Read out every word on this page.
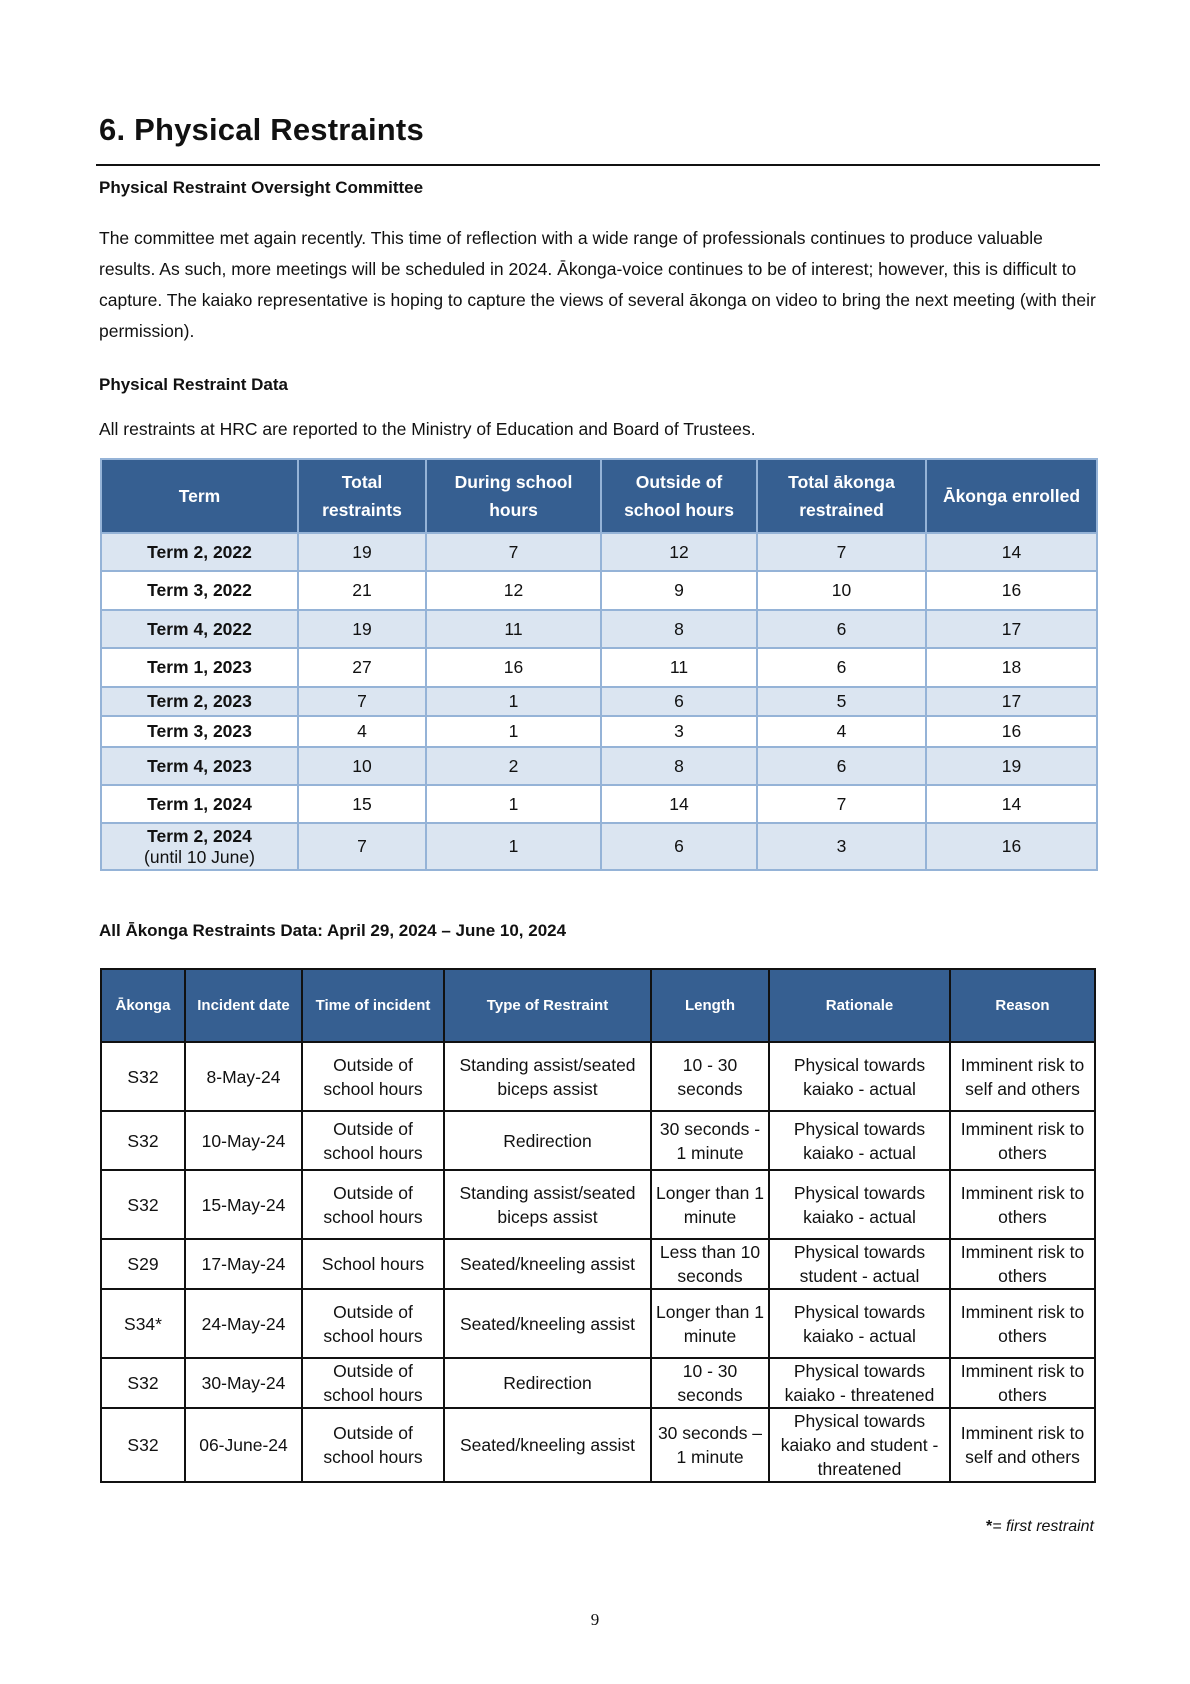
6. Physical Restraints

Physical Restraint Oversight Committee

The committee met again recently. This time of reflection with a wide range of professionals continues to produce valuable results. As such, more meetings will be scheduled in 2024. Ākonga-voice continues to be of interest; however, this is difficult to capture. The kaiako representative is hoping to capture the views of several ākonga on video to bring the next meeting (with their permission).

Physical Restraint Data

All restraints at HRC are reported to the Ministry of Education and Board of Trustees.

Term	Total restraints	During school hours	Outside of school hours	Total ākonga restrained	Ākonga enrolled
Term 2, 2022	19	7	12	7	14
Term 3, 2022	21	12	9	10	16
Term 4, 2022	19	11	8	6	17
Term 1, 2023	27	16	11	6	18
Term 2, 2023	7	1	6	5	17
Term 3, 2023	4	1	3	4	16
Term 4, 2023	10	2	8	6	19
Term 1, 2024	15	1	14	7	14
Term 2, 2024
(until 10 June)	7	1	6	3	16

All Ākonga Restraints Data: April 29, 2024 – June 10, 2024

Ākonga	Incident date	Time of incident	Type of Restraint	Length	Rationale	Reason
S32	8-May-24	Outside of school hours	Standing assist/seated biceps assist	10 - 30 seconds	Physical towards kaiako - actual	Imminent risk to self and others
S32	10-May-24	Outside of school hours	Redirection	30 seconds - 1 minute	Physical towards kaiako - actual	Imminent risk to others
S32	15-May-24	Outside of school hours	Standing assist/seated biceps assist	Longer than 1 minute	Physical towards kaiako - actual	Imminent risk to others
S29	17-May-24	School hours	Seated/kneeling assist	Less than 10 seconds	Physical towards student - actual	Imminent risk to others
S34*	24-May-24	Outside of school hours	Seated/kneeling assist	Longer than 1 minute	Physical towards kaiako - actual	Imminent risk to others
S32	30-May-24	Outside of school hours	Redirection	10 - 30 seconds	Physical towards kaiako - threatened	Imminent risk to others
S32	06-June-24	Outside of school hours	Seated/kneeling assist	30 seconds – 1 minute	Physical towards kaiako and student - threatened	Imminent risk to self and others

*= first restraint

9
